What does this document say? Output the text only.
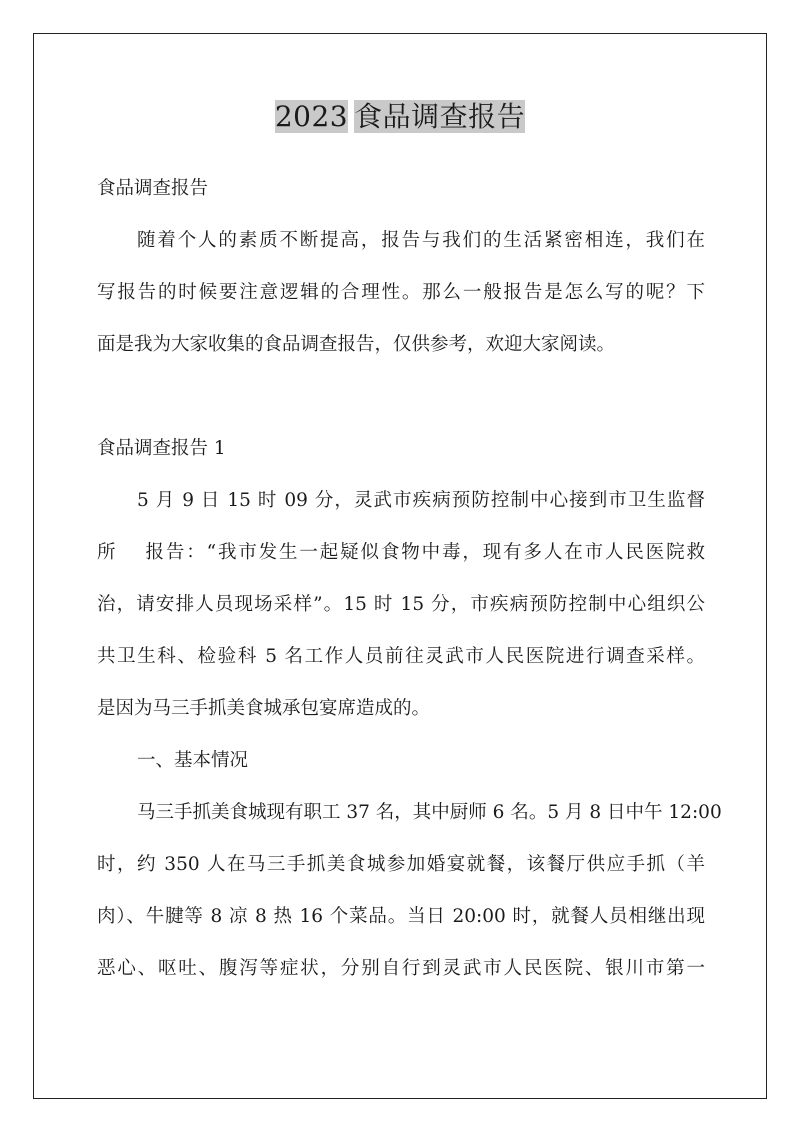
2023 食品调查报告

食品调查报告

随着个人的素质不断提高，报告与我们的生活紧密相连，我们在

写报告的时候要注意逻辑的合理性。那么一般报告是怎么写的呢？下

面是我为大家收集的食品调查报告，仅供参考，欢迎大家阅读。

食品调查报告 1

5 月 9 日 15 时 09 分，灵武市疾病预防控制中心接到市卫生监督

所　 报告：“我市发生一起疑似食物中毒，现有多人在市人民医院救

治，请安排人员现场采样”。15 时 15 分，市疾病预防控制中心组织公

共卫生科、检验科 5 名工作人员前往灵武市人民医院进行调查采样。

是因为马三手抓美食城承包宴席造成的。

一、基本情况

马三手抓美食城现有职工 37 名，其中厨师 6 名。5 月 8 日中午 12:00

时，约 350 人在马三手抓美食城参加婚宴就餐，该餐厅供应手抓（羊

肉）、牛腱等 8 凉 8 热 16 个菜品。当日 20:00 时，就餐人员相继出现

恶心、呕吐、腹泻等症状，分别自行到灵武市人民医院、银川市第一
